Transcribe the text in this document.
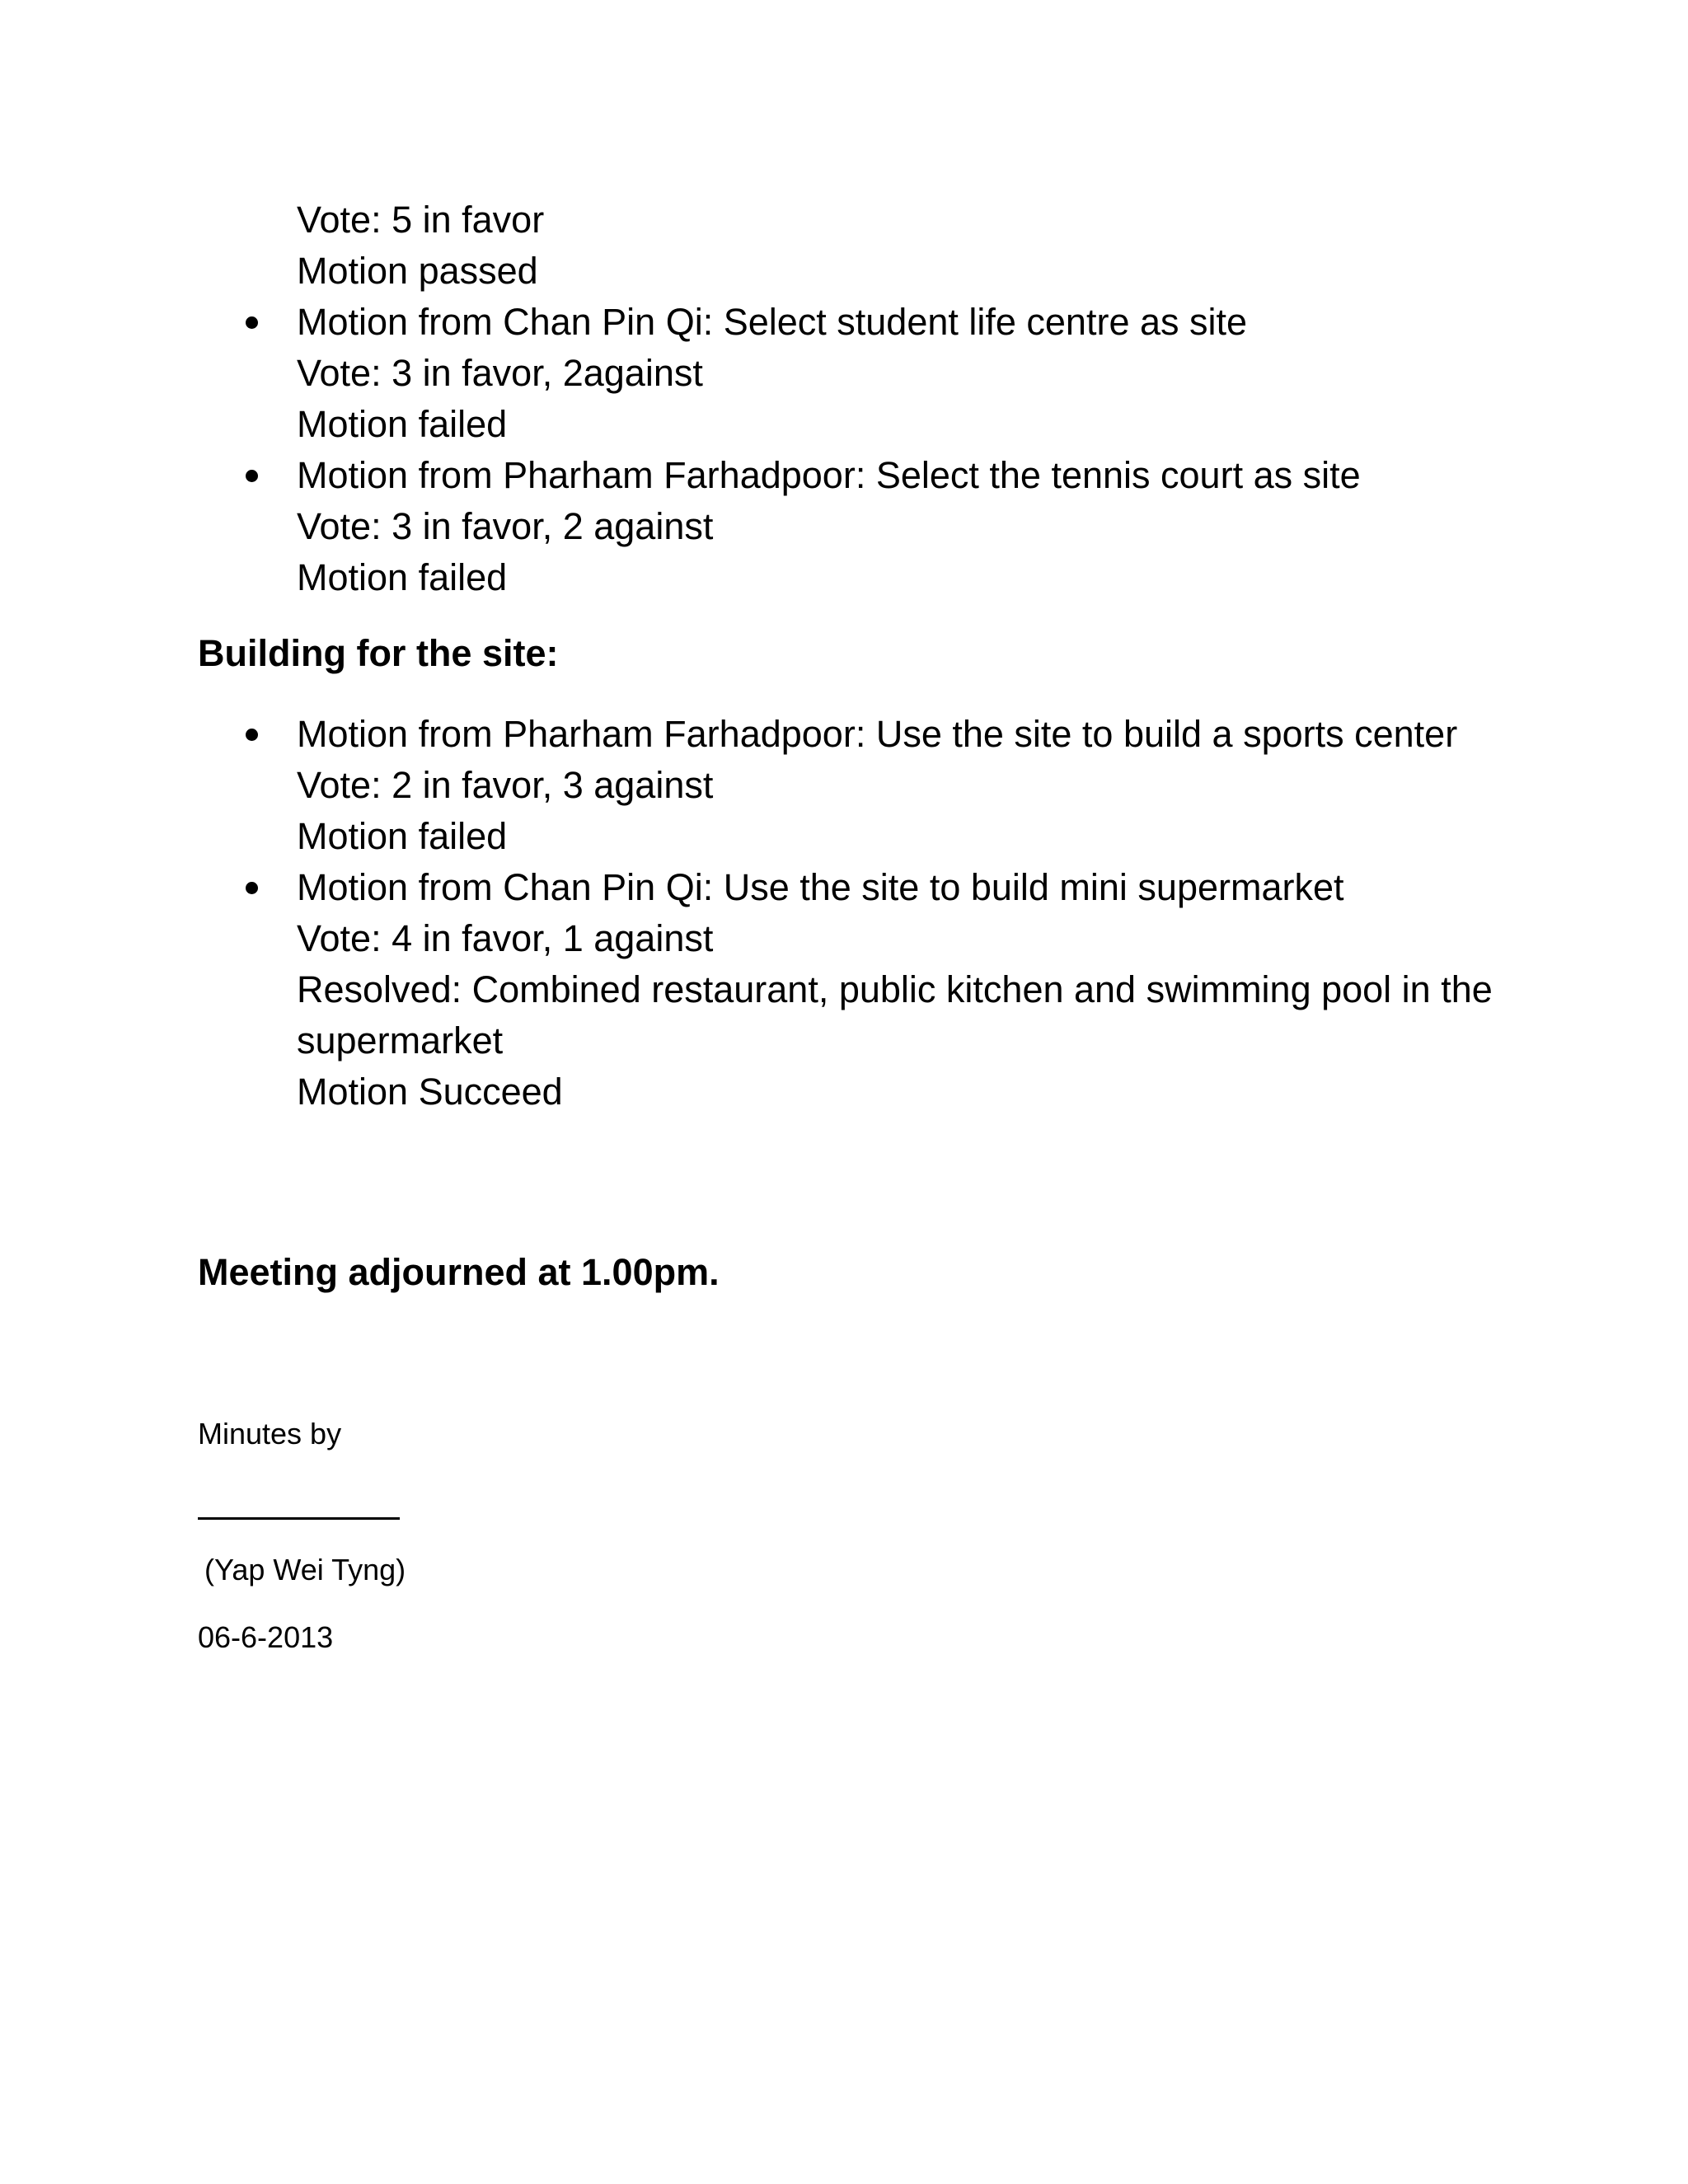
Vote: 5 in favor
Motion passed
Motion from Chan Pin Qi: Select student life centre as site
Vote: 3 in favor, 2against
Motion failed
Motion from Pharham Farhadpoor: Select the tennis court as site
Vote: 3 in favor, 2 against
Motion failed
Building for the site:
Motion from Pharham Farhadpoor: Use the site to build a sports center
Vote: 2 in favor, 3 against
Motion failed
Motion from Chan Pin Qi: Use the site to build mini supermarket
Vote: 4 in favor, 1 against
Resolved: Combined restaurant, public kitchen and swimming pool in the supermarket
Motion Succeed

Meeting adjourned at 1.00pm.

Minutes by

(Yap Wei Tyng)

06-6-2013
